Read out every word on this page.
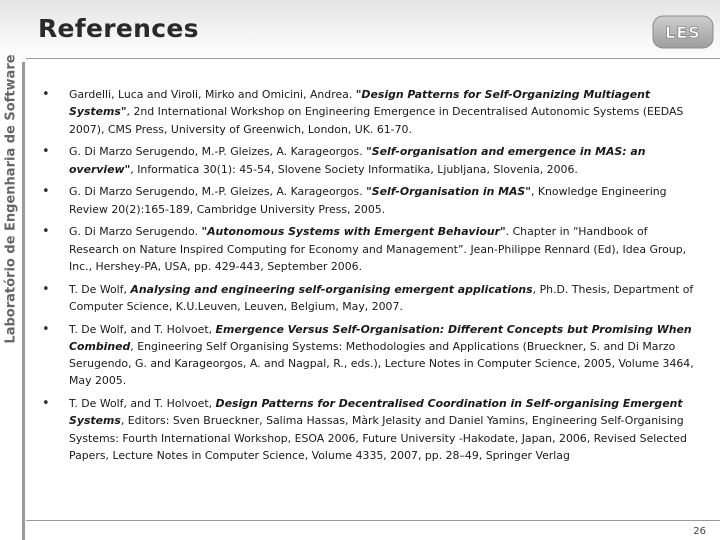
References	LES
Laboratório de Engenharia de Software
•	Gardelli, Luca and Viroli, Mirko and Omicini, Andrea. "Design Patterns for Self-Organizing Multiagent Systems", 2nd International Workshop on Engineering Emergence in Decentralised Autonomic Systems (EEDAS 2007), CMS Press, University of Greenwich, London, UK. 61-70.
• G. Di Marzo Serugendo, M.-P. Gleizes, A. Karageorgos. "Self-organisation and emergence in MAS: an overview", Informatica 30(1): 45-54, Slovene Society Informatika, Ljubljana, Slovenia, 2006.
• G. Di Marzo Serugendo, M.-P. Gleizes, A. Karageorgos. "Self-Organisation in MAS", Knowledge Engineering Review 20(2):165-189, Cambridge University Press, 2005.
• G. Di Marzo Serugendo. "Autonomous Systems with Emergent Behaviour". Chapter in “Handbook of Research on Nature Inspired Computing for Economy and Management”. Jean-Philippe Rennard (Ed), Idea Group, Inc., Hershey-PA, USA, pp. 429-443, September 2006.
• T. De Wolf, Analysing and engineering self-organising emergent applications, Ph.D. Thesis, Department of Computer Science, K.U.Leuven, Leuven, Belgium, May, 2007.
• T. De Wolf, and T. Holvoet, Emergence Versus Self-Organisation: Different Concepts but Promising When Combined, Engineering Self Organising Systems: Methodologies and Applications (Brueckner, S. and Di Marzo Serugendo, G. and Karageorgos, A. and Nagpal, R., eds.), Lecture Notes in Computer Science, 2005, Volume 3464, May 2005.
• T. De Wolf, and T. Holvoet, Design Patterns for Decentralised Coordination in Self-organising Emergent Systems, Editors: Sven Brueckner, Salima Hassas, Màrk Jelasity and Daniel Yamins, Engineering Self-Organising Systems: Fourth International Workshop, ESOA 2006, Future University -Hakodate, Japan, 2006, Revised Selected Papers, Lecture Notes in Computer Science, Volume 4335, 2007, pp. 28–49, Springer Verlag
26
